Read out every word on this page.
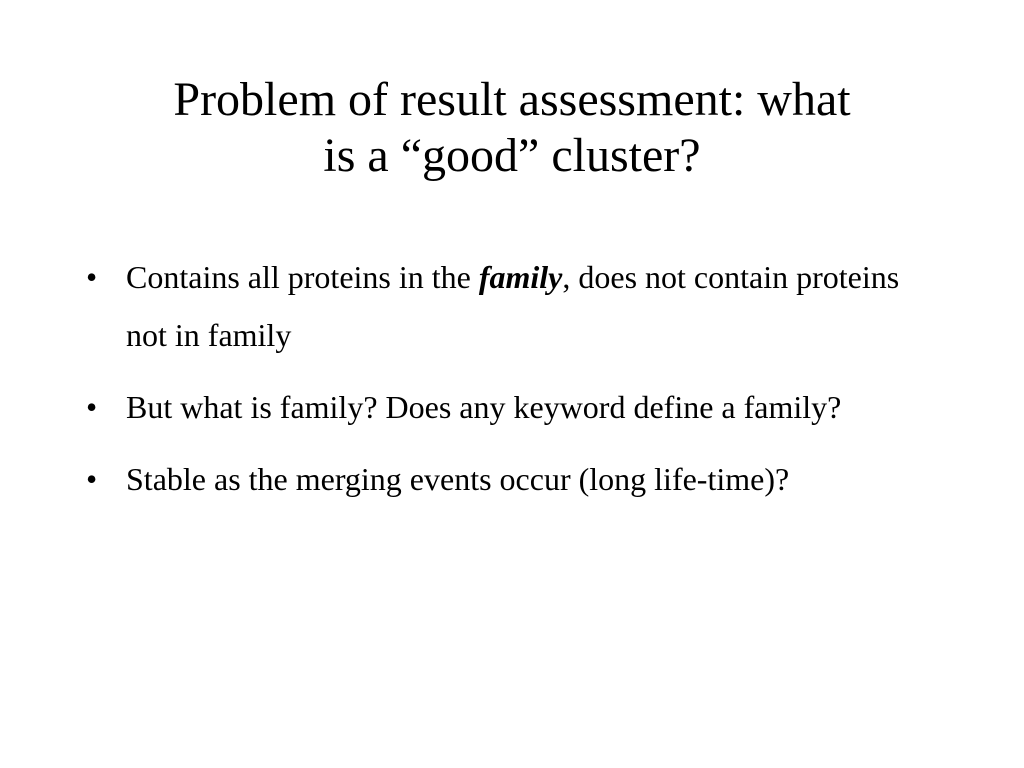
Problem of result assessment: what
is a “good” cluster?
• Contains all proteins in the family, does not contain proteins not in family
• But what is family? Does any keyword define a family?
• Stable as the merging events occur (long life-time)?
